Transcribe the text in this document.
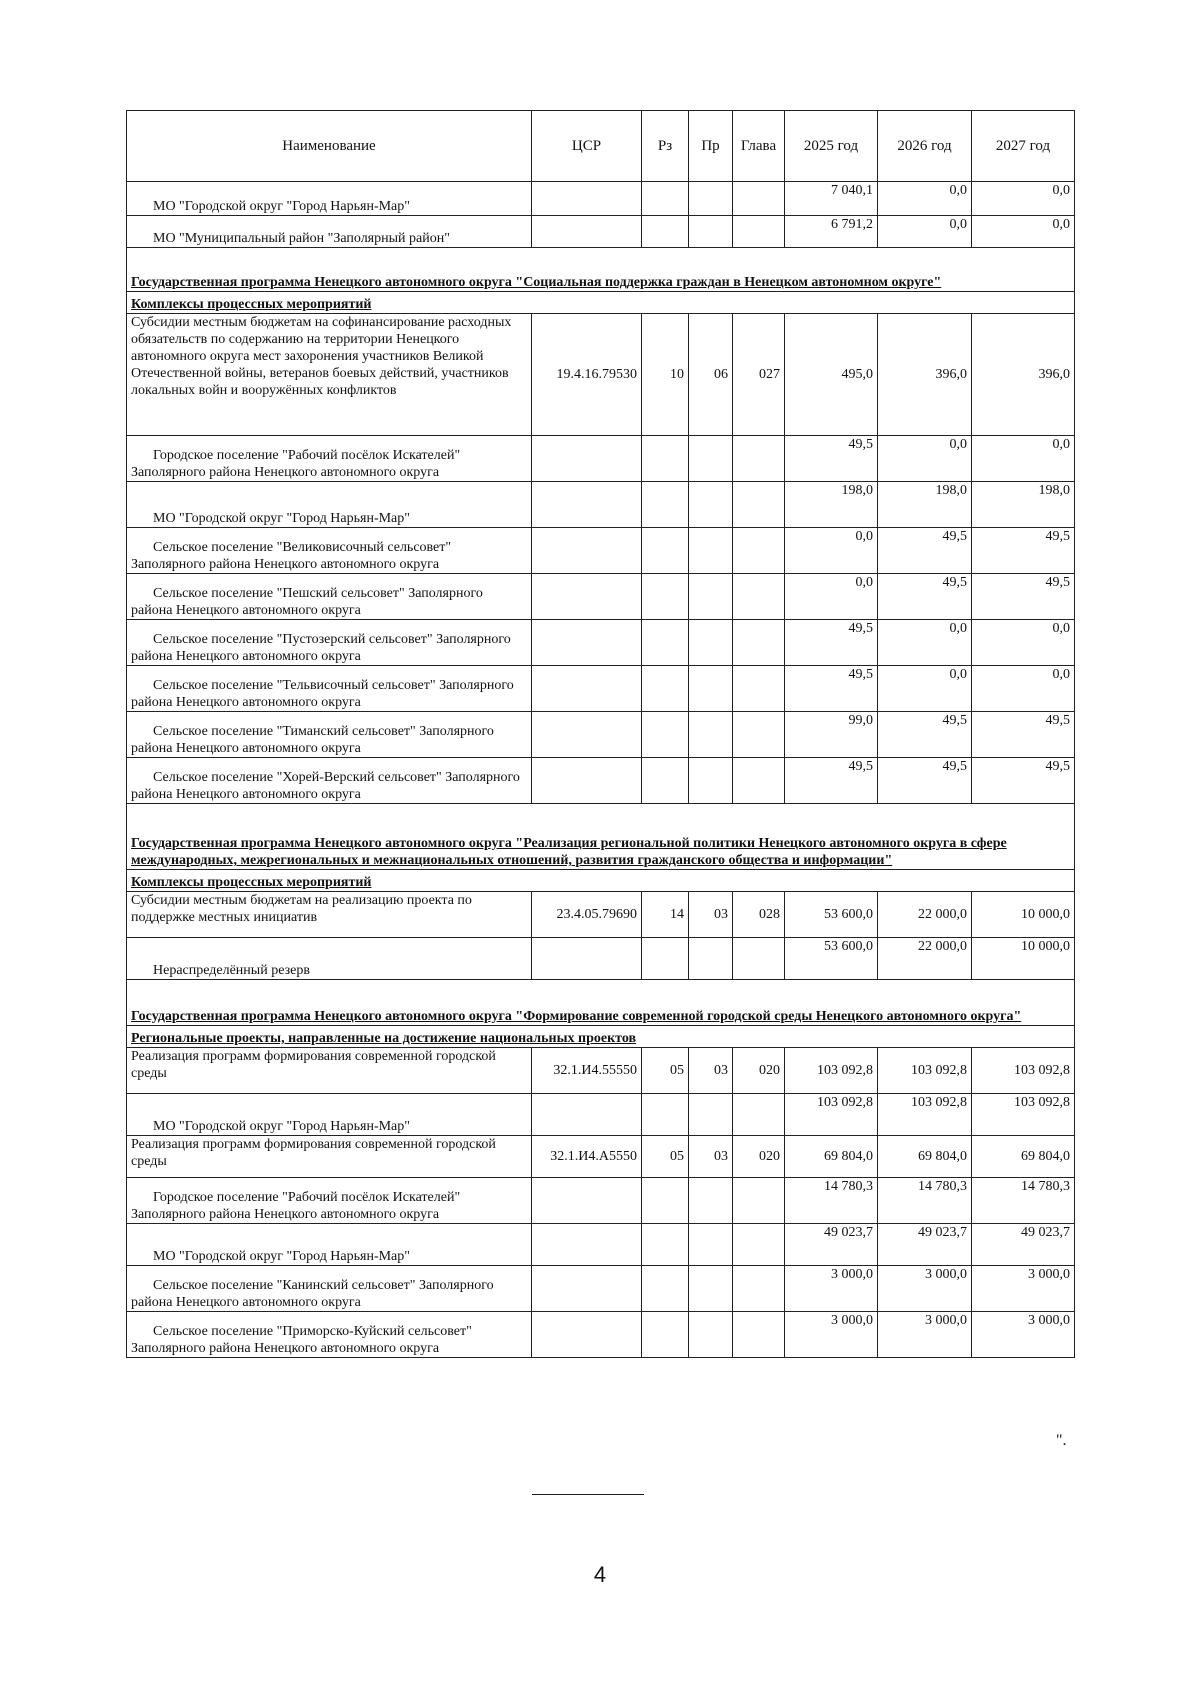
Наименование	ЦСР	Рз	Пр	Глава	2025 год	2026 год	2027 год

МО "Городской округ "Город Нарьян-Мар"					7 040,1	0,0	0,0

МО "Муниципальный район "Заполярный район"					6 791,2	0,0	0,0
Государственная программа Ненецкого автономного округа "Социальная поддержка граждан в Ненецком автономном округе"							
Комплексы процессных мероприятий							
Субсидии местным бюджетам на софинансирование расходных обязательств по содержанию на территории Ненецкого автономного округа мест захоронения участников Великой Отечественной войны, ветеранов боевых действий, участников локальных войн и вооружённых конфликтов	19.4.16.79530	10	06	027	495,0	396,0	396,0

Городское поселение "Рабочий посёлок Искателей" Заполярного района Ненецкого автономного округа					49,5	0,0	0,0

МО "Городской округ "Город Нарьян-Мар"					198,0	198,0	198,0

Сельское поселение "Великовисочный сельсовет" Заполярного района Ненецкого автономного округа					0,0	49,5	49,5

Сельское поселение "Пешский сельсовет" Заполярного района Ненецкого автономного округа					0,0	49,5	49,5

Сельское поселение "Пустозерский сельсовет" Заполярного района Ненецкого автономного округа					49,5	0,0	0,0

Сельское поселение "Тельвисочный сельсовет" Заполярного района Ненецкого автономного округа					49,5	0,0	0,0

Сельское поселение "Тиманский сельсовет" Заполярного района Ненецкого автономного округа					99,0	49,5	49,5

Сельское поселение "Хорей-Верский сельсовет" Заполярного района Ненецкого автономного округа					49,5	49,5	49,5
Государственная программа Ненецкого автономного округа "Реализация региональной политики Ненецкого автономного округа в сфере международных, межрегиональных и межнациональных отношений, развития гражданского общества и информации"							
Комплексы процессных мероприятий							
Субсидии местным бюджетам на реализацию проекта по поддержке местных инициатив	23.4.05.79690	14	03	028	53 600,0	22 000,0	10 000,0

Нераспределённый резерв					53 600,0	22 000,0	10 000,0
Государственная программа Ненецкого автономного округа "Формирование современной городской среды Ненецкого автономного округа"							
Региональные проекты, направленные на достижение национальных проектов							
Реализация программ формирования современной городской среды	32.1.И4.55550	05	03	020	103 092,8	103 092,8	103 092,8

МО "Городской округ "Город Нарьян-Мар"					103 092,8	103 092,8	103 092,8
Реализация программ формирования современной городской среды	32.1.И4.А5550	05	03	020	69 804,0	69 804,0	69 804,0

Городское поселение "Рабочий посёлок Искателей" Заполярного района Ненецкого автономного округа					14 780,3	14 780,3	14 780,3

МО "Городской округ "Город Нарьян-Мар"					49 023,7	49 023,7	49 023,7

Сельское поселение "Канинский сельсовет" Заполярного района Ненецкого автономного округа					3 000,0	3 000,0	3 000,0

Сельское поселение "Приморско-Куйский сельсовет" Заполярного района Ненецкого автономного округа					3 000,0	3 000,0	3 000,0
".
4
